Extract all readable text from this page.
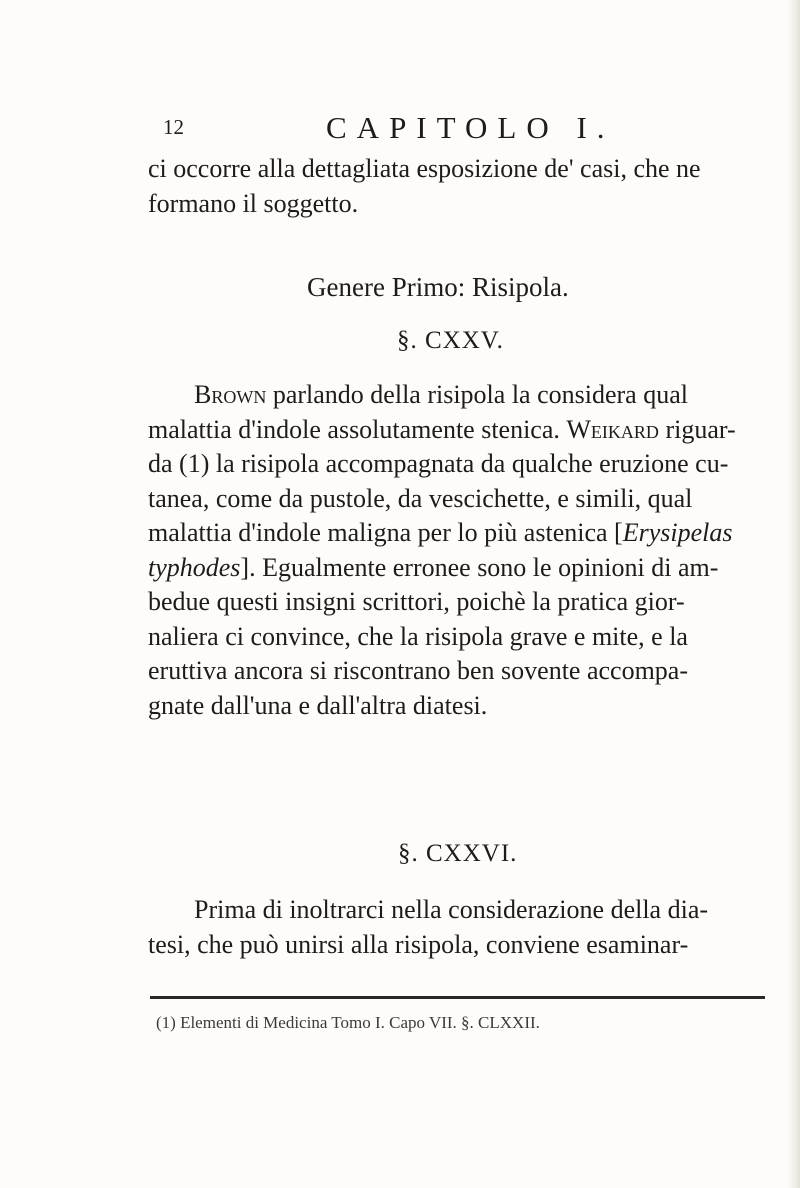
12	CAPITOLO I.

ci occorre alla dettagliata esposizione de' casi, che ne

formano il soggetto.

Genere Primo: Risipola.
§. CXXV.

Brown parlando della risipola la considera qual

malattia d'indole assolutamente stenica. Weikard riguar-

da (1) la risipola accompagnata da qualche eruzione cu-

tanea, come da pustole, da vescichette, e simili, qual

malattia d'indole maligna per lo più astenica [Erysipelas

typhodes]. Egualmente erronee sono le opinioni di am-

bedue questi insigni scrittori, poichè la pratica gior-

naliera ci convince, che la risipola grave e mite, e la

eruttiva ancora si riscontrano ben sovente accompa-

gnate dall'una e dall'altra diatesi.

§. CXXVI.

Prima di inoltrarci nella considerazione della dia-

tesi, che può unirsi alla risipola, conviene esaminar-

(1) Elementi di Medicina Tomo I. Capo VII. §. CLXXII.
